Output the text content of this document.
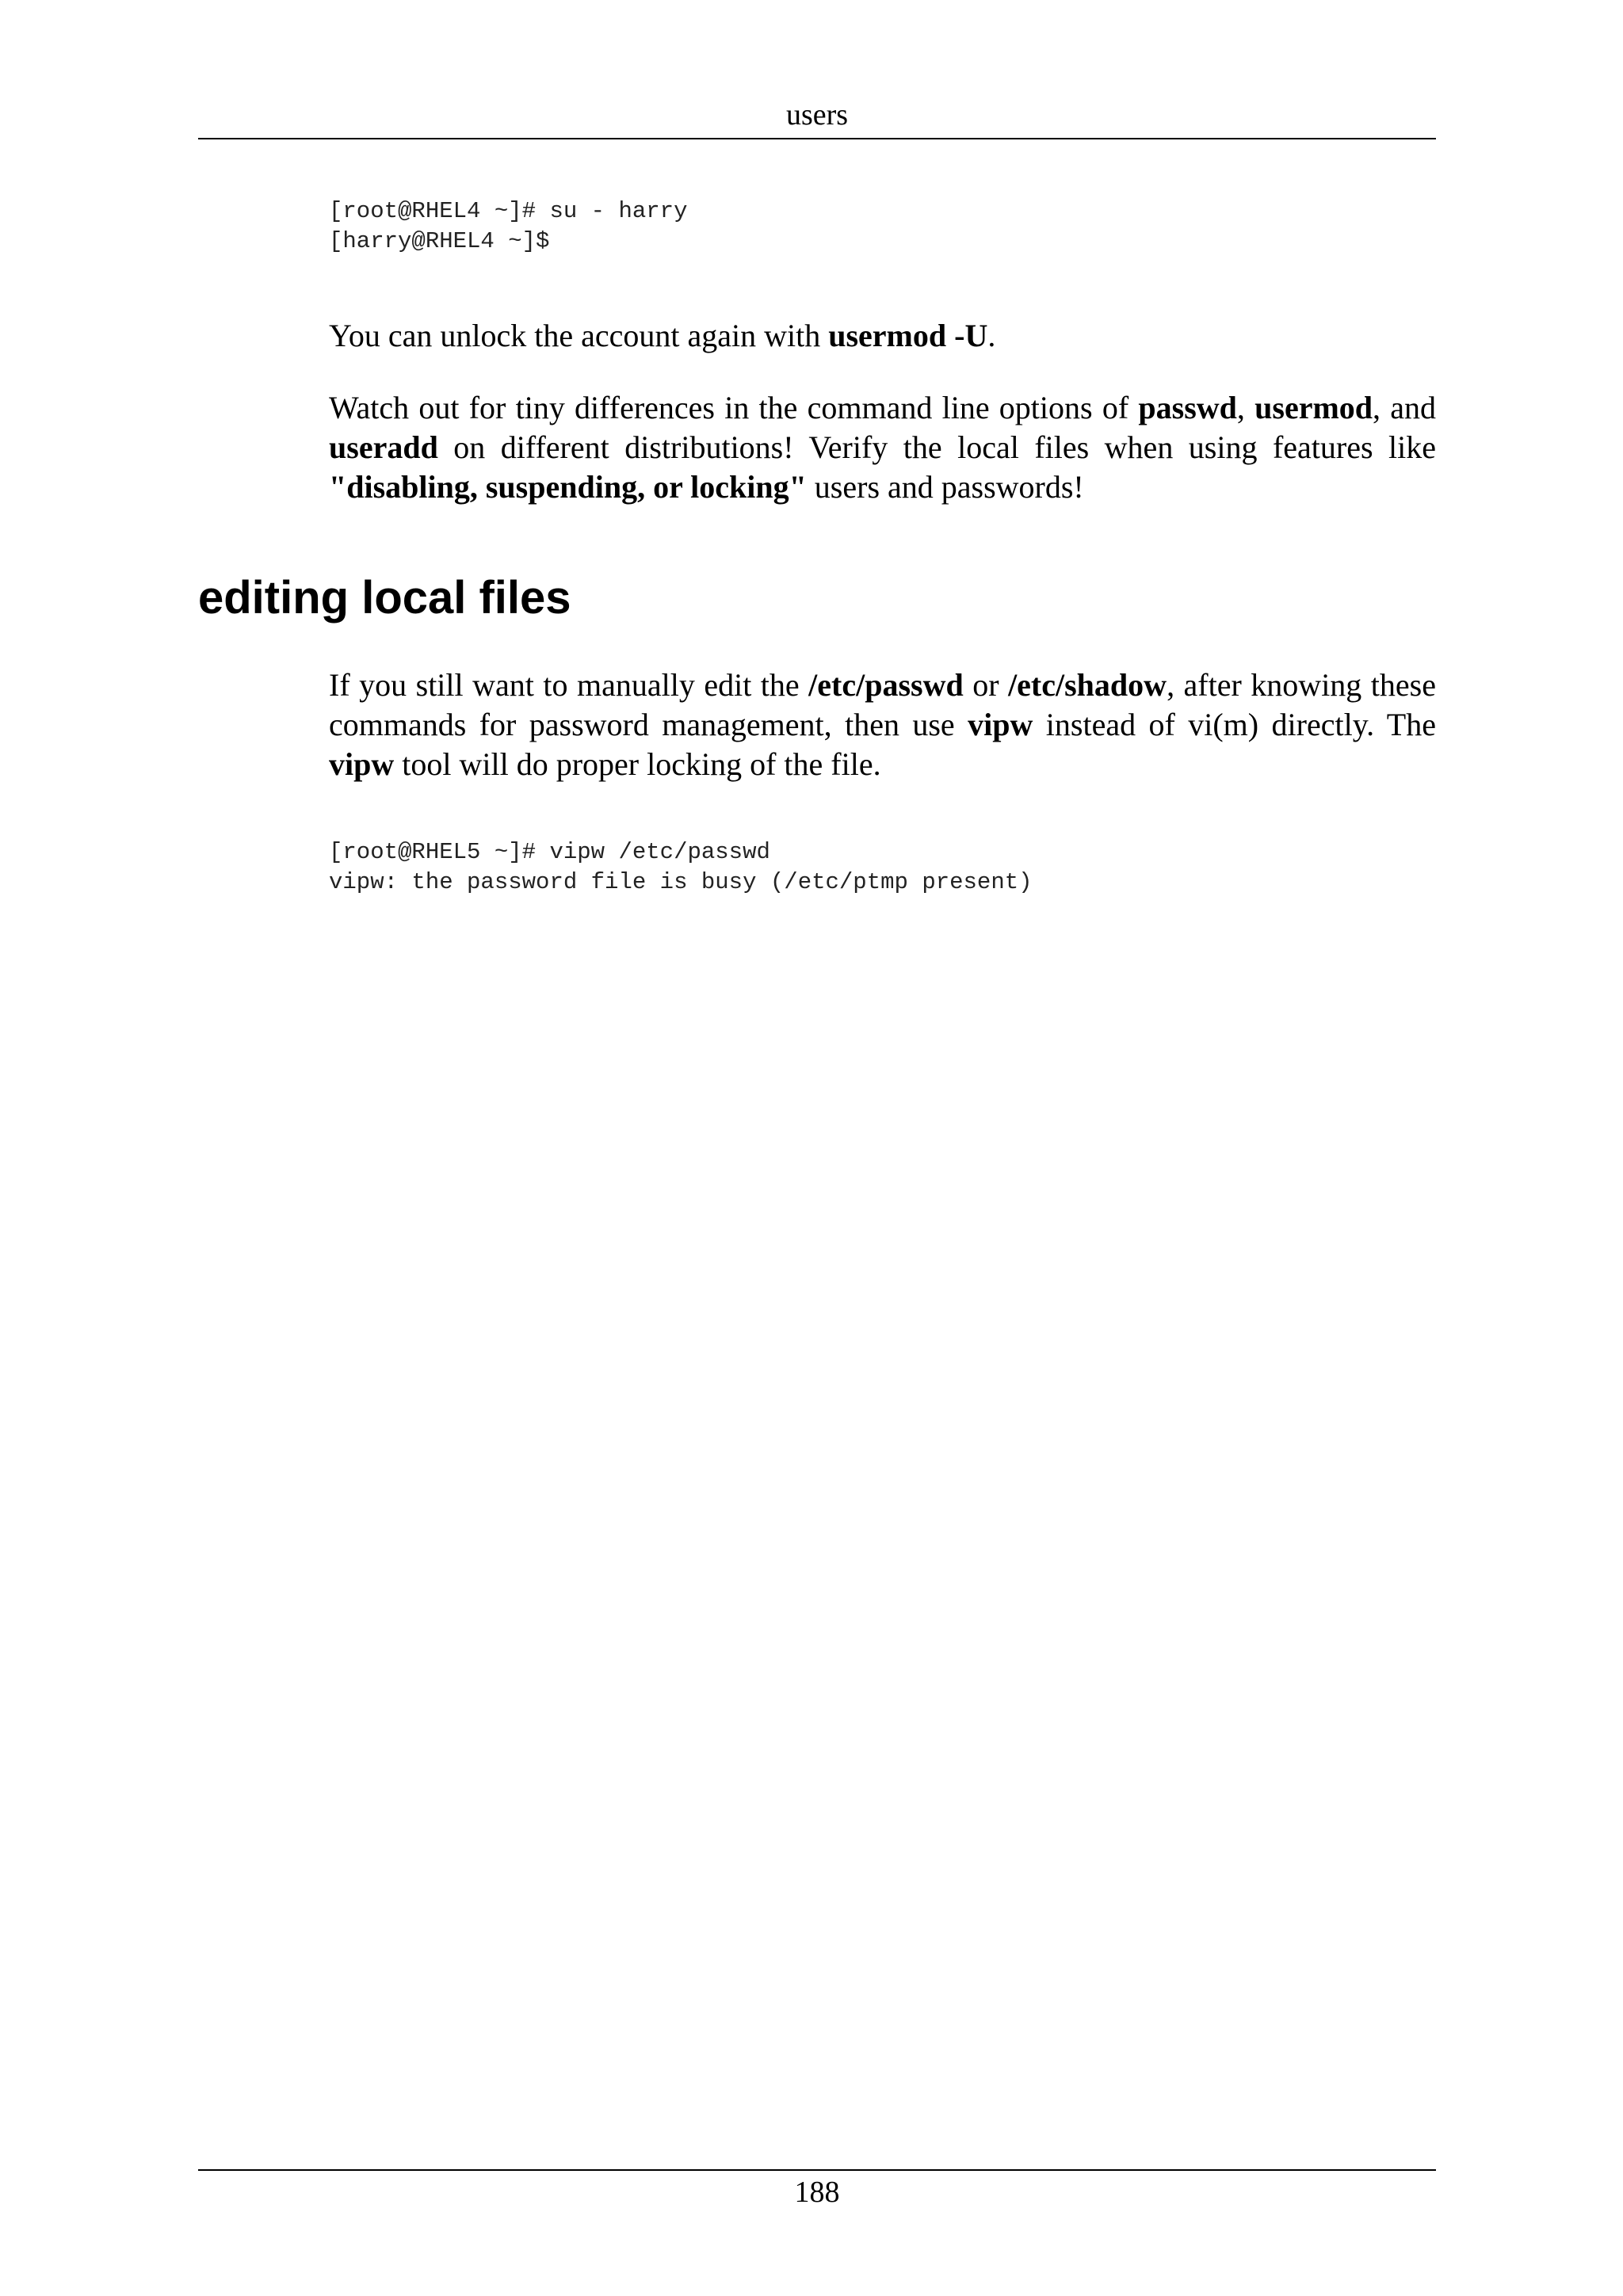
users
[root@RHEL4 ~]# su - harry
[harry@RHEL4 ~]$

You can unlock the account again with usermod -U.

Watch out for tiny differences in the command line options of passwd, usermod, and useradd on different distributions! Verify the local files when using features like "disabling, suspending, or locking" users and passwords!

editing local files

If you still want to manually edit the /etc/passwd or /etc/shadow, after knowing these commands for password management, then use vipw instead of vi(m) directly. The vipw tool will do proper locking of the file.

[root@RHEL5 ~]# vipw /etc/passwd
vipw: the password file is busy (/etc/ptmp present)
188
